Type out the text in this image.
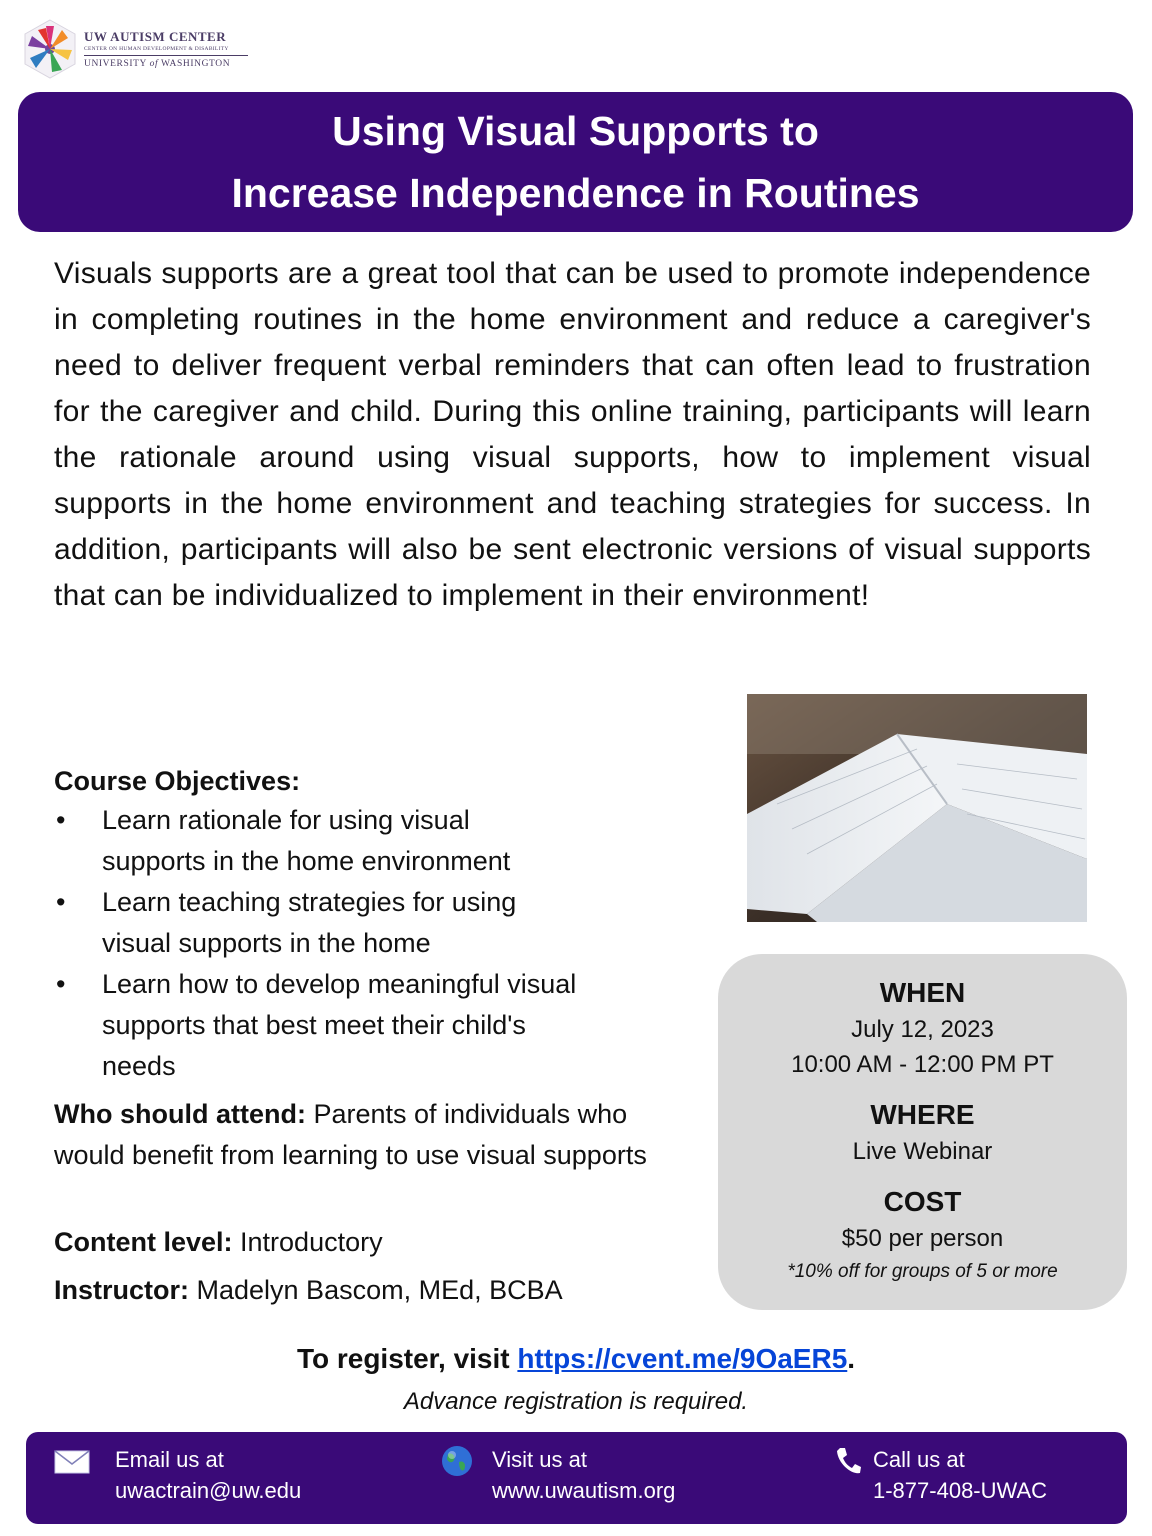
UW AUTISM CENTER
CENTER ON HUMAN DEVELOPMENT & DISABILITY
UNIVERSITY of WASHINGTON
Using Visual Supports to
Increase Independence in Routines
Visuals supports are a great tool that can be used to promote independence in completing routines in the home environment and reduce a caregiver's need to deliver frequent verbal reminders that can often lead to frustration for the caregiver and child. During this online training, participants will learn the rationale around using visual supports, how to implement visual supports in the home environment and teaching strategies for success. In addition, participants will also be sent electronic versions of visual supports that can be individualized to implement in their environment!
Course Objectives:
• Learn rationale for using visual supports in the home environment
• Learn teaching strategies for using visual supports in the home
• Learn how to develop meaningful visual supports that best meet their child's needs
Who should attend: Parents of individuals who would benefit from learning to use visual supports
Content level: Introductory
Instructor: Madelyn Bascom, MEd, BCBA
WHEN
July 12, 2023
10:00 AM - 12:00 PM PT
WHERE
Live Webinar
COST
$50 per person
*10% off for groups of 5 or more
To register, visit https://cvent.me/9OaER5.
Advance registration is required.
Email us at
uwactrain@uw.edu
Visit us at
www.uwautism.org
Call us at
1-877-408-UWAC
